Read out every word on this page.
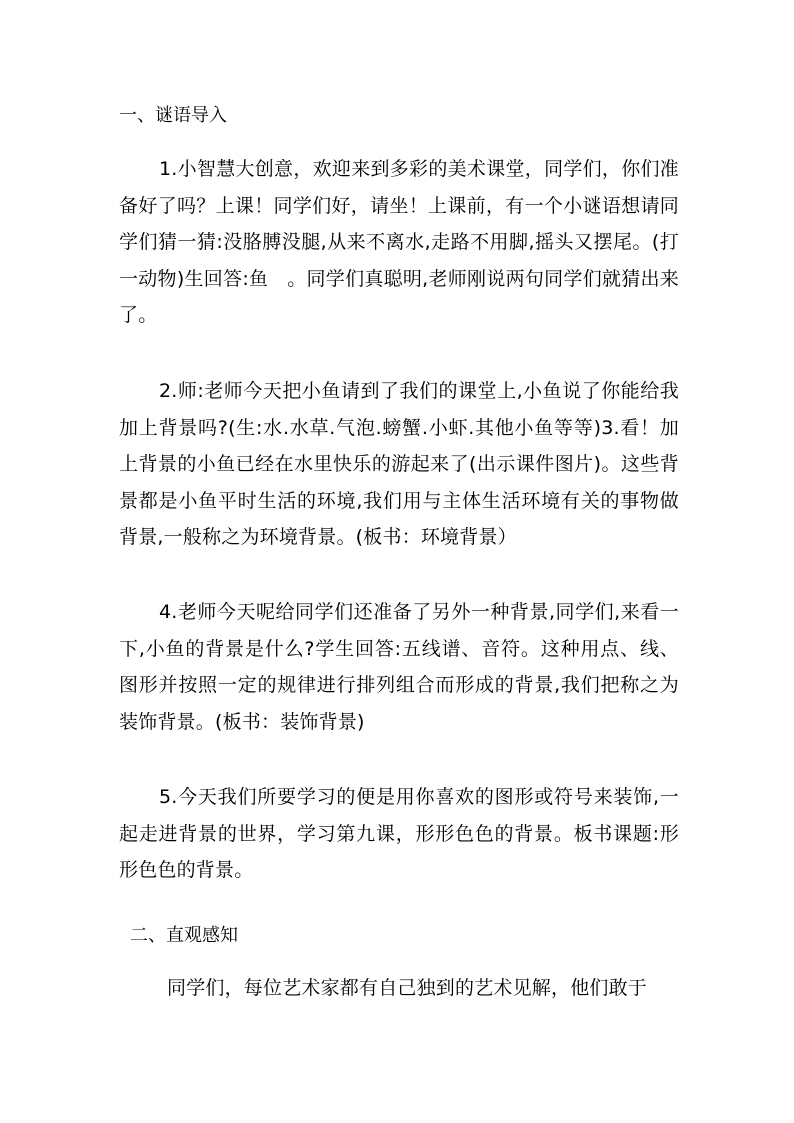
一、谜语导入
1.小智慧大创意，欢迎来到多彩的美术课堂，同学们，你们准备好了吗？上课！同学们好，请坐！上课前，有一个小谜语想请同学们猜一猜:没胳膊没腿,从来不离水,走路不用脚,摇头又摆尾。(打一动物)生回答:鱼   。同学们真聪明,老师刚说两句同学们就猜出来了。
2.师:老师今天把小鱼请到了我们的课堂上,小鱼说了你能给我加上背景吗?(生:水.水草.气泡.螃蟹.小虾.其他小鱼等等)3.看！加上背景的小鱼已经在水里快乐的游起来了(出示课件图片)。这些背景都是小鱼平时生活的环境,我们用与主体生活环境有关的事物做背景,一般称之为环境背景。(板书：环境背景）
4.老师今天呢给同学们还准备了另外一种背景,同学们,来看一下,小鱼的背景是什么?学生回答:五线谱、音符。这种用点、线、图形并按照一定的规律进行排列组合而形成的背景,我们把称之为装饰背景。(板书：装饰背景)
5.今天我们所要学习的便是用你喜欢的图形或符号来装饰,一起走进背景的世界，学习第九课，形形色色的背景。板书课题:形形色色的背景。
二、直观感知
同学们，每位艺术家都有自己独到的艺术见解，他们敢于
